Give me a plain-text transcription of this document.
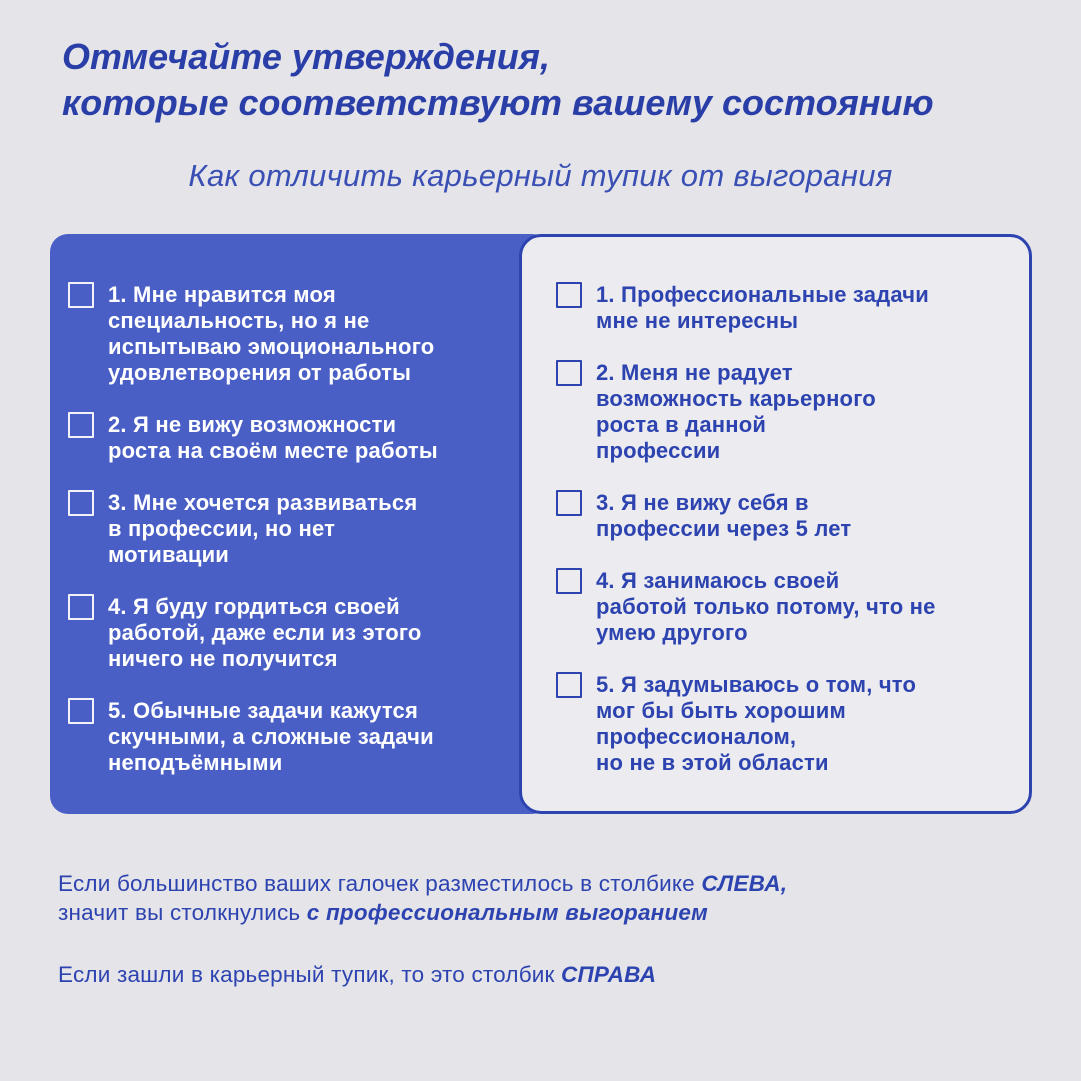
Отмечайте утверждения,
которые соответствуют вашему состоянию

Как отличить карьерный тупик от выгорания

1. Мне нравится моя
специальность, но я не
испытываю эмоционального
удовлетворения от работы
2. Я не вижу возможности
роста на своём месте работы
3. Мне хочется развиваться
в профессии, но нет
мотивации
4. Я буду гордиться своей
работой, даже если из этого
ничего не получится
5. Обычные задачи кажутся
скучными, а сложные задачи
неподъёмными
1. Профессиональные задачи
мне не интересны
2. Меня не радует
возможность карьерного
роста в данной
профессии
3. Я не вижу себя в
профессии через 5 лет
4. Я занимаюсь своей
работой только потому, что не
умею другого
5. Я задумываюсь о том, что
мог бы быть хорошим
профессионалом,
но не в этой области

Если большинство ваших галочек разместилось в столбике СЛЕВА,
значит вы столкнулись с профессиональным выгоранием

Если зашли в карьерный тупик, то это столбик СПРАВА
